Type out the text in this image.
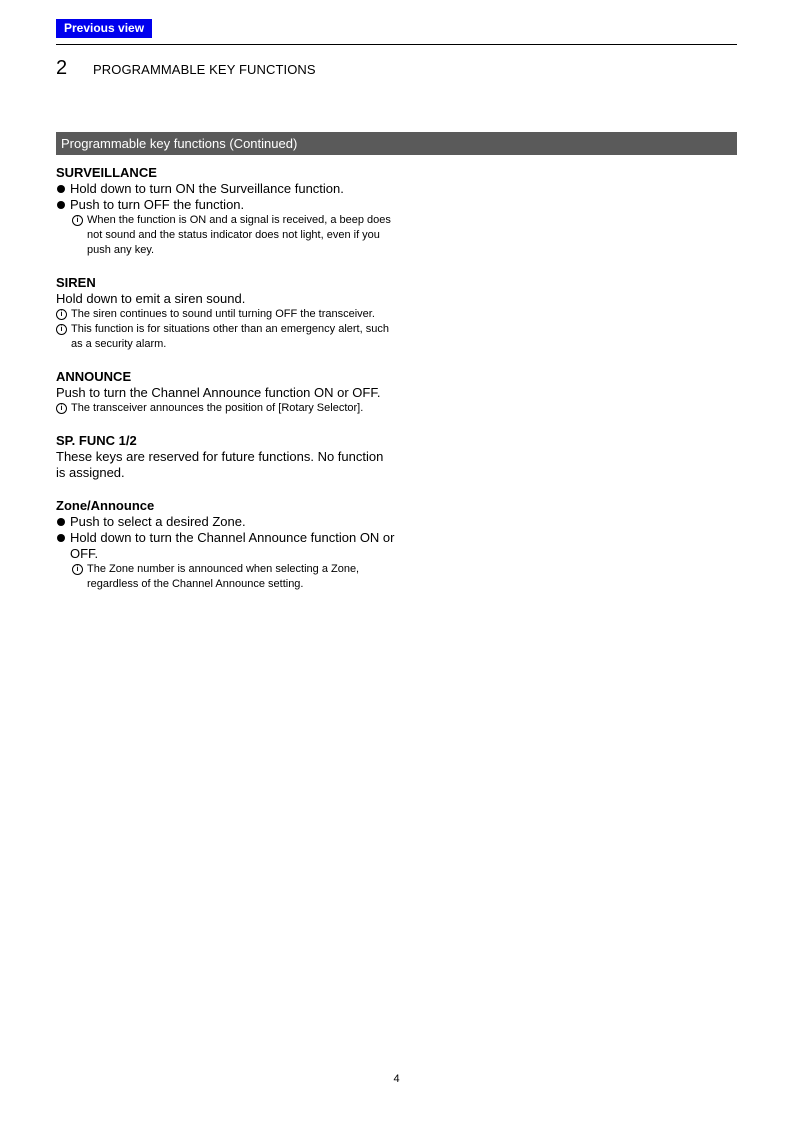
Previous view
2 PROGRAMMABLE KEY FUNCTIONS
Programmable key functions (Continued)
SURVEILLANCE
Hold down to turn ON the Surveillance function.
Push to turn OFF the function.
i When the function is ON and a signal is received, a beep does not sound and the status indicator does not light, even if you push any key.
SIREN
Hold down to emit a siren sound.
i The siren continues to sound until turning OFF the transceiver.
i This function is for situations other than an emergency alert, such as a security alarm.
ANNOUNCE
Push to turn the Channel Announce function ON or OFF.
i The transceiver announces the position of [Rotary Selector].
SP. FUNC 1/2
These keys are reserved for future functions. No function is assigned.
Zone/Announce
Push to select a desired Zone.
Hold down to turn the Channel Announce function ON or OFF.
i The Zone number is announced when selecting a Zone, regardless of the Channel Announce setting.
4
